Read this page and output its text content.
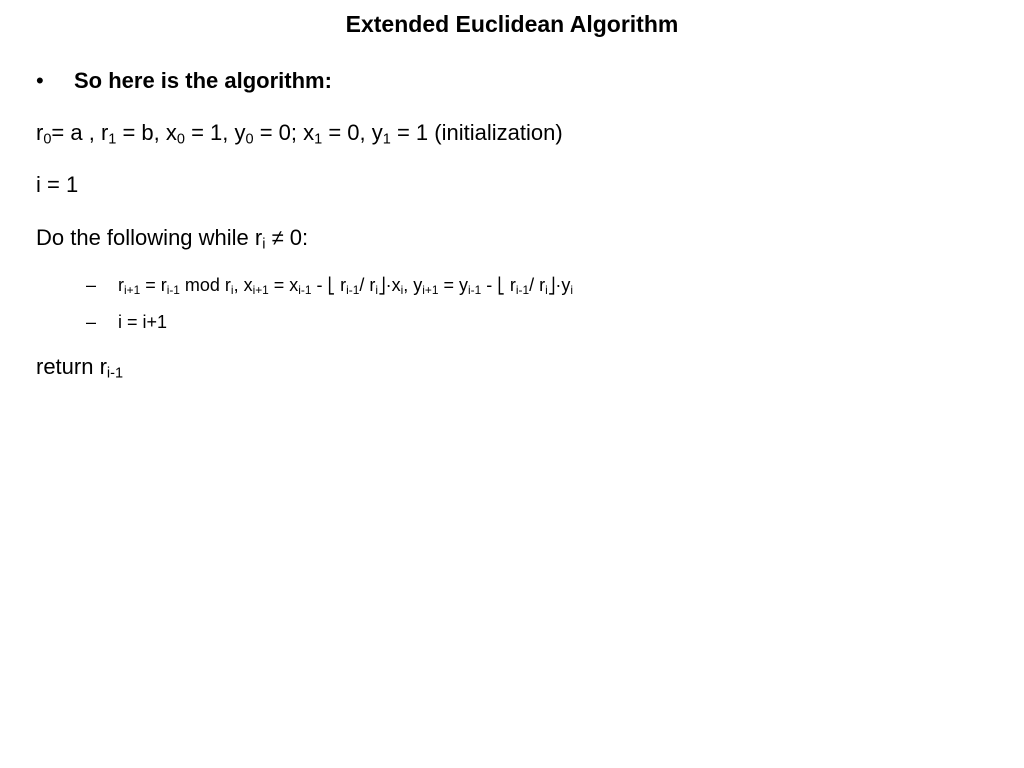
Extended Euclidean Algorithm
• So here is the algorithm:
$r_0= a$ , $r_1 = b$, $x_0 = 1$, $y_0 = 0$; $x_1 = 0$, $y_1 = 1$ (initialization)
i = 1
Do the following while $r_i \ne 0$:
– $r_{i+1} = r_{i-1}$ mod $r_i$, $x_{i+1} = x_{i-1}$ - ⎣ $r_{i-1}/$ $r_i⎦\cdot x_i$, $y_{i+1} = y_{i-1}$ - ⎣ $r_{i-1}/$ $r_i⎦\cdot y_i$
– i = i+1
return $r_{i-1}$
